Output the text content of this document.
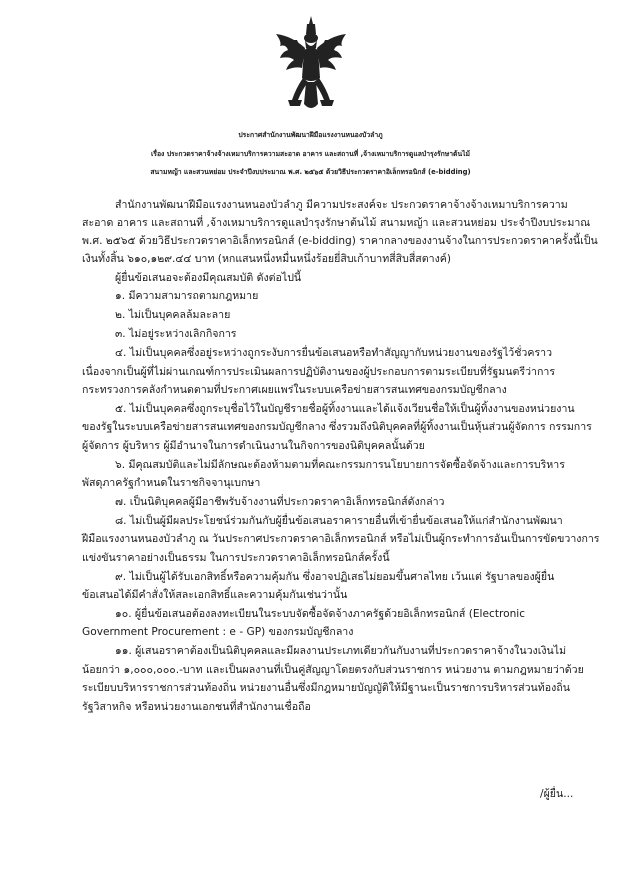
ประกาศสำนักงานพัฒนาฝีมือแรงงานหนองบัวลำภู
เรื่อง ประกวดราคาจ้างจ้างเหมาบริการความสะอาด อาคาร และสถานที่ ,จ้างเหมาบริการดูแลบำรุงรักษาต้นไม้
สนามหญ้า และสวนหย่อม ประจำปีงบประมาณ พ.ศ. ๒๕๖๕ ด้วยวิธีประกวดราคาอิเล็กทรอนิกส์ (e-bidding)
สำนักงานพัฒนาฝีมือแรงงานหนองบัวลำภู มีความประสงค์จะ ประกวดราคาจ้างจ้างเหมาบริการความ
สะอาด อาคาร และสถานที่ ,จ้างเหมาบริการดูแลบำรุงรักษาต้นไม้ สนามหญ้า และสวนหย่อม ประจำปีงบประมาณ
พ.ศ. ๒๕๖๕ ด้วยวิธีประกวดราคาอิเล็กทรอนิกส์ (e-bidding) ราคากลางของงานจ้างในการประกวดราคาครั้งนี้เป็น
เงินทั้งสิ้น ๖๑๐,๑๒๙.๔๔ บาท (หกแสนหนึ่งหมื่นหนึ่งร้อยยี่สิบเก้าบาทสี่สิบสี่สตางค์)
ผู้ยื่นข้อเสนอจะต้องมีคุณสมบัติ ดังต่อไปนี้
๑. มีความสามารถตามกฎหมาย
๒. ไม่เป็นบุคคลล้มละลาย
๓. ไม่อยู่ระหว่างเลิกกิจการ
๔. ไม่เป็นบุคคลซึ่งอยู่ระหว่างถูกระงับการยื่นข้อเสนอหรือทำสัญญากับหน่วยงานของรัฐไว้ชั่วคราว
เนื่องจากเป็นผู้ที่ไม่ผ่านเกณฑ์การประเมินผลการปฏิบัติงานของผู้ประกอบการตามระเบียบที่รัฐมนตรีว่าการ
กระทรวงการคลังกำหนดตามที่ประกาศเผยแพร่ในระบบเครือข่ายสารสนเทศของกรมบัญชีกลาง
๕. ไม่เป็นบุคคลซึ่งถูกระบุชื่อไว้ในบัญชีรายชื่อผู้ทิ้งงานและได้แจ้งเวียนชื่อให้เป็นผู้ทิ้งงานของหน่วยงาน
ของรัฐในระบบเครือข่ายสารสนเทศของกรมบัญชีกลาง ซึ่งรวมถึงนิติบุคคลที่ผู้ทิ้งงานเป็นหุ้นส่วนผู้จัดการ กรรมการ
ผู้จัดการ ผู้บริหาร ผู้มีอำนาจในการดำเนินงานในกิจการของนิติบุคคลนั้นด้วย
๖. มีคุณสมบัติและไม่มีลักษณะต้องห้ามตามที่คณะกรรมการนโยบายการจัดซื้อจัดจ้างและการบริหาร
พัสดุภาครัฐกำหนดในราชกิจจานุเบกษา
๗. เป็นนิติบุคคลผู้มีอาชีพรับจ้างงานที่ประกวดราคาอิเล็กทรอนิกส์ดังกล่าว
๘. ไม่เป็นผู้มีผลประโยชน์ร่วมกันกับผู้ยื่นข้อเสนอราคารายอื่นที่เข้ายื่นข้อเสนอให้แก่สำนักงานพัฒนา
ฝีมือแรงงานหนองบัวลำภู ณ วันประกาศประกวดราคาอิเล็กทรอนิกส์ หรือไม่เป็นผู้กระทำการอันเป็นการขัดขวางการ
แข่งขันราคาอย่างเป็นธรรม ในการประกวดราคาอิเล็กทรอนิกส์ครั้งนี้
๙. ไม่เป็นผู้ได้รับเอกสิทธิ์หรือความคุ้มกัน ซึ่งอาจปฏิเสธไม่ยอมขึ้นศาลไทย เว้นแต่ รัฐบาลของผู้ยื่น
ข้อเสนอได้มีคำสั่งให้สละเอกสิทธิ์และความคุ้มกันเช่นว่านั้น
๑๐. ผู้ยื่นข้อเสนอต้องลงทะเบียนในระบบจัดซื้อจัดจ้างภาครัฐด้วยอิเล็กทรอนิกส์ (Electronic
Government Procurement : e - GP) ของกรมบัญชีกลาง
๑๑. ผู้เสนอราคาต้องเป็นนิติบุคคลและมีผลงานประเภทเดียวกันกับงานที่ประกวดราคาจ้างในวงเงินไม่
น้อยกว่า ๑,๐๐๐,๐๐๐.-บาท และเป็นผลงานที่เป็นคู่สัญญาโดยตรงกับส่วนราชการ หน่วยงาน ตามกฎหมายว่าด้วย
ระเบียบบริหารราชการส่วนท้องถิ่น หน่วยงานอื่นซึ่งมีกฎหมายบัญญัติให้มีฐานะเป็นราชการบริหารส่วนท้องถิ่น
รัฐวิสาหกิจ หรือหน่วยงานเอกชนที่สำนักงานเชื่อถือ
/ผู้ยื่น...
